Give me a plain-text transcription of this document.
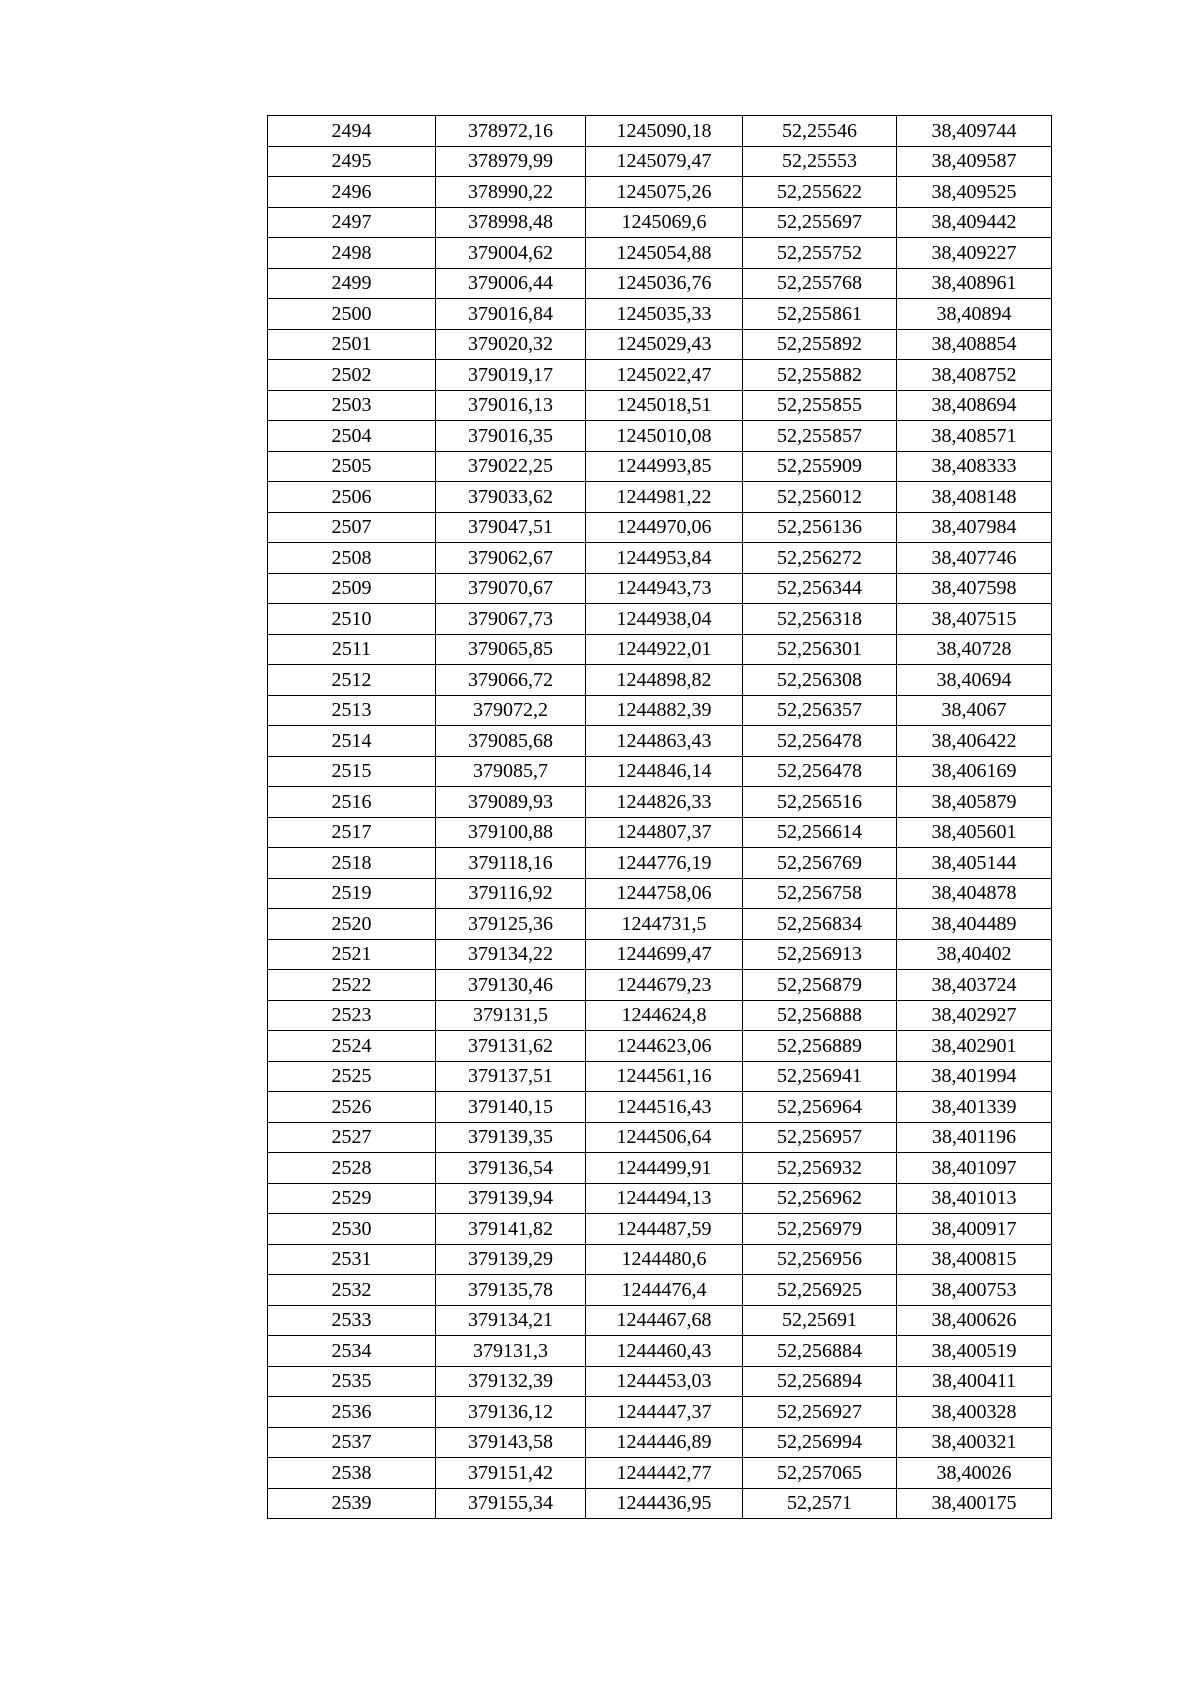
2494	378972,16	1245090,18	52,25546	38,409744
2495	378979,99	1245079,47	52,25553	38,409587
2496	378990,22	1245075,26	52,255622	38,409525
2497	378998,48	1245069,6	52,255697	38,409442
2498	379004,62	1245054,88	52,255752	38,409227
2499	379006,44	1245036,76	52,255768	38,408961
2500	379016,84	1245035,33	52,255861	38,40894
2501	379020,32	1245029,43	52,255892	38,408854
2502	379019,17	1245022,47	52,255882	38,408752
2503	379016,13	1245018,51	52,255855	38,408694
2504	379016,35	1245010,08	52,255857	38,408571
2505	379022,25	1244993,85	52,255909	38,408333
2506	379033,62	1244981,22	52,256012	38,408148
2507	379047,51	1244970,06	52,256136	38,407984
2508	379062,67	1244953,84	52,256272	38,407746
2509	379070,67	1244943,73	52,256344	38,407598
2510	379067,73	1244938,04	52,256318	38,407515
2511	379065,85	1244922,01	52,256301	38,40728
2512	379066,72	1244898,82	52,256308	38,40694
2513	379072,2	1244882,39	52,256357	38,4067
2514	379085,68	1244863,43	52,256478	38,406422
2515	379085,7	1244846,14	52,256478	38,406169
2516	379089,93	1244826,33	52,256516	38,405879
2517	379100,88	1244807,37	52,256614	38,405601
2518	379118,16	1244776,19	52,256769	38,405144
2519	379116,92	1244758,06	52,256758	38,404878
2520	379125,36	1244731,5	52,256834	38,404489
2521	379134,22	1244699,47	52,256913	38,40402
2522	379130,46	1244679,23	52,256879	38,403724
2523	379131,5	1244624,8	52,256888	38,402927
2524	379131,62	1244623,06	52,256889	38,402901
2525	379137,51	1244561,16	52,256941	38,401994
2526	379140,15	1244516,43	52,256964	38,401339
2527	379139,35	1244506,64	52,256957	38,401196
2528	379136,54	1244499,91	52,256932	38,401097
2529	379139,94	1244494,13	52,256962	38,401013
2530	379141,82	1244487,59	52,256979	38,400917
2531	379139,29	1244480,6	52,256956	38,400815
2532	379135,78	1244476,4	52,256925	38,400753
2533	379134,21	1244467,68	52,25691	38,400626
2534	379131,3	1244460,43	52,256884	38,400519
2535	379132,39	1244453,03	52,256894	38,400411
2536	379136,12	1244447,37	52,256927	38,400328
2537	379143,58	1244446,89	52,256994	38,400321
2538	379151,42	1244442,77	52,257065	38,40026
2539	379155,34	1244436,95	52,2571	38,400175
